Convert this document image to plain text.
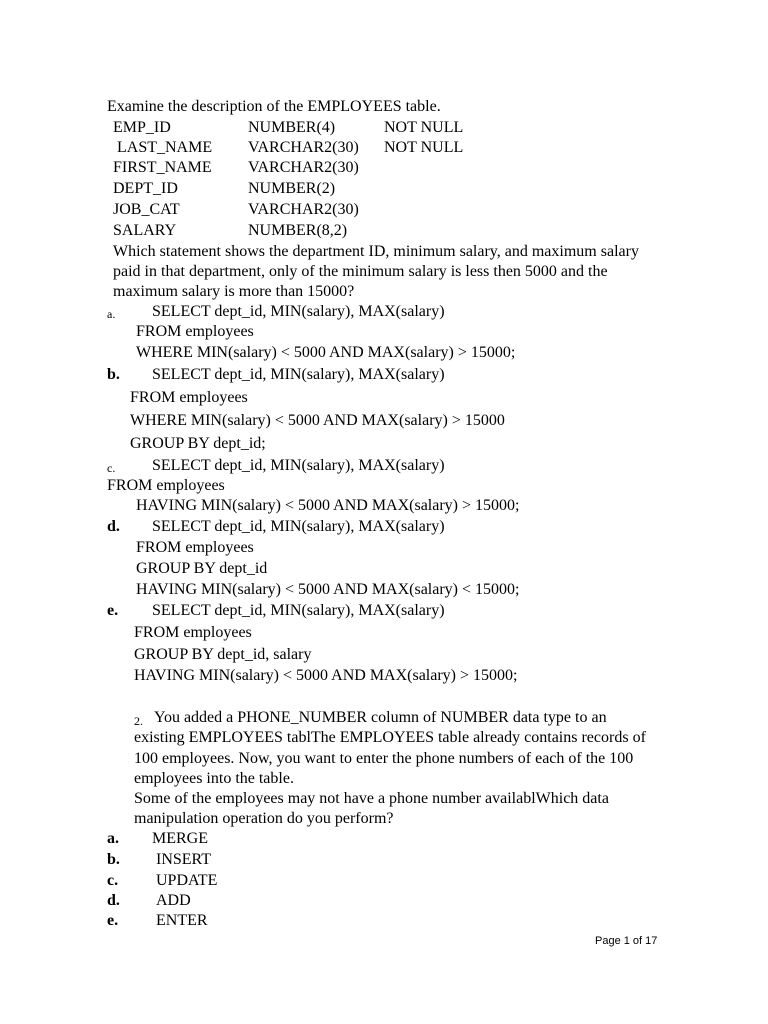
Examine the description of the EMPLOYEES table.
EMP_ID	NUMBER(4)	NOT NULL
LAST_NAME VARCHAR2(30) NOT NULL
FIRST_NAME VARCHAR2(30)
DEPT_ID	NUMBER(2)
JOB_CAT	VARCHAR2(30)
SALARY	NUMBER(8,2)
Which statement shows the department ID, minimum salary, and maximum salary
paid in that department, only of the minimum salary is less then 5000 and the
maximum salary is more than 15000?
a. SELECT dept_id, MIN(salary), MAX(salary)
FROM employees
WHERE MIN(salary) < 5000 AND MAX(salary) > 15000;
b. SELECT dept_id, MIN(salary), MAX(salary)
FROM employees
WHERE MIN(salary) < 5000 AND MAX(salary) > 15000
GROUP BY dept_id;
c. SELECT dept_id, MIN(salary), MAX(salary)
FROM employees
HAVING MIN(salary) < 5000 AND MAX(salary) > 15000;
d. SELECT dept_id, MIN(salary), MAX(salary)
FROM employees
GROUP BY dept_id
HAVING MIN(salary) < 5000 AND MAX(salary) < 15000;
e. SELECT dept_id, MIN(salary), MAX(salary)
FROM employees
GROUP BY dept_id, salary
HAVING MIN(salary) < 5000 AND MAX(salary) > 15000;
2. You added a PHONE_NUMBER column of NUMBER data type to an
existing EMPLOYEES tablThe EMPLOYEES table already contains records of
100 employees. Now, you want to enter the phone numbers of each of the 100
employees into the table.
Some of the employees may not have a phone number availablWhich data
manipulation operation do you perform?
a. MERGE
b. INSERT
c. UPDATE
d. ADD
e. ENTER
Page 1 of 17
